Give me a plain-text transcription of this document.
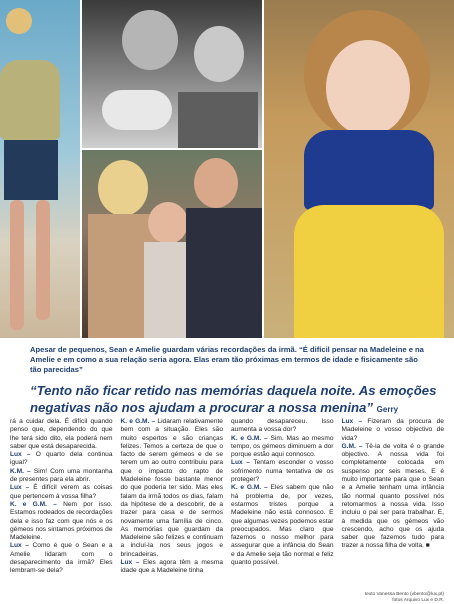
Apesar de pequenos, Sean e Amelie guardam várias recordações da irmã. “É difícil pensar na Madeleine e na Amelie e em como a sua relação seria agora. Elas eram tão próximas em termos de idade e fisicamente são tão parecidas”
“Tento não ficar retido nas memórias daquela noite. As emoções negativas não nos ajudam a procurar a nossa menina” Gerry

rá a cuidar dela. É difícil quando penso que, dependendo do que lhe terá sido dito, ela poderá nem saber que está desaparecida.

Lux – O quarto dela continua igual?

K.M. – Sim! Com uma montanha de presentes para ela abrir.

Lux – É difícil verem as coisas que pertencem à vossa filha?

K. e G.M. – Nem por isso. Estamos rodeados de recordações dela e isso faz com que nós e os gémeos nos sintamos próximos de Madeleine.

Lux – Como é que o Sean e a Amelie lidaram com o desaparecimento da irmã? Eles lembram-se dela?

K. e G.M. – Lidaram relativamente bem com a situação. Eles são muito espertos e são crianças felizes. Temos a certeza de que o facto de serem gémeos e de se terem um ao outro contribuiu para que o impacto do rapto de Madeleine fosse bastante menor do que poderia ter sido. Mas eles falam da irmã todos os dias, falam da hipótese de a descobrir, de a trazer para casa e de sermos novamente uma família de cinco. As memórias que guardam da Madeleine são felizes e continuam a incluí-la nos seus jogos e brincadeiras.

Lux – Eles agora têm a mesma idade que a Madeleine tinha

quando desapareceu. Isso aumenta a vossa dor?

K. e G.M. – Sim. Mas ao mesmo tempo, os gémeos diminuem a dor porque estão aqui connosco.

Lux – Tentam esconder o vosso sofrimento numa tentativa de os proteger?

K. e G.M. – Eles sabem que não há problema de, por vezes, estarmos tristes porque a Madeleine não está connosco. E que algumas vezes podemos estar preocupados. Mas claro que fazemos o nosso melhor para assegurar que a infância do Sean e da Amelie seja tão normal e feliz quanto possível.

Lux – Fizeram da procura de Madeleine o vosso objectivo de vida?

G.M. – Tê-la de volta é o grande objectivo. A nossa vida foi completamente colocada em suspenso por seis meses. E é muito importante para que o Sean e a Amelie tenham uma infância tão normal quanto possível nós retomarmos a nossa vida. Isso incluiu o pai ser para trabalhar. E, à medida que os gémeos vão crescendo, acho que os ajuda saber que fazemos tudo para trazer a nossa filha de volta. ■

texto Vanessa Bento (vbento@lux.pt)
fotos Arquivo Lux e D.R.
